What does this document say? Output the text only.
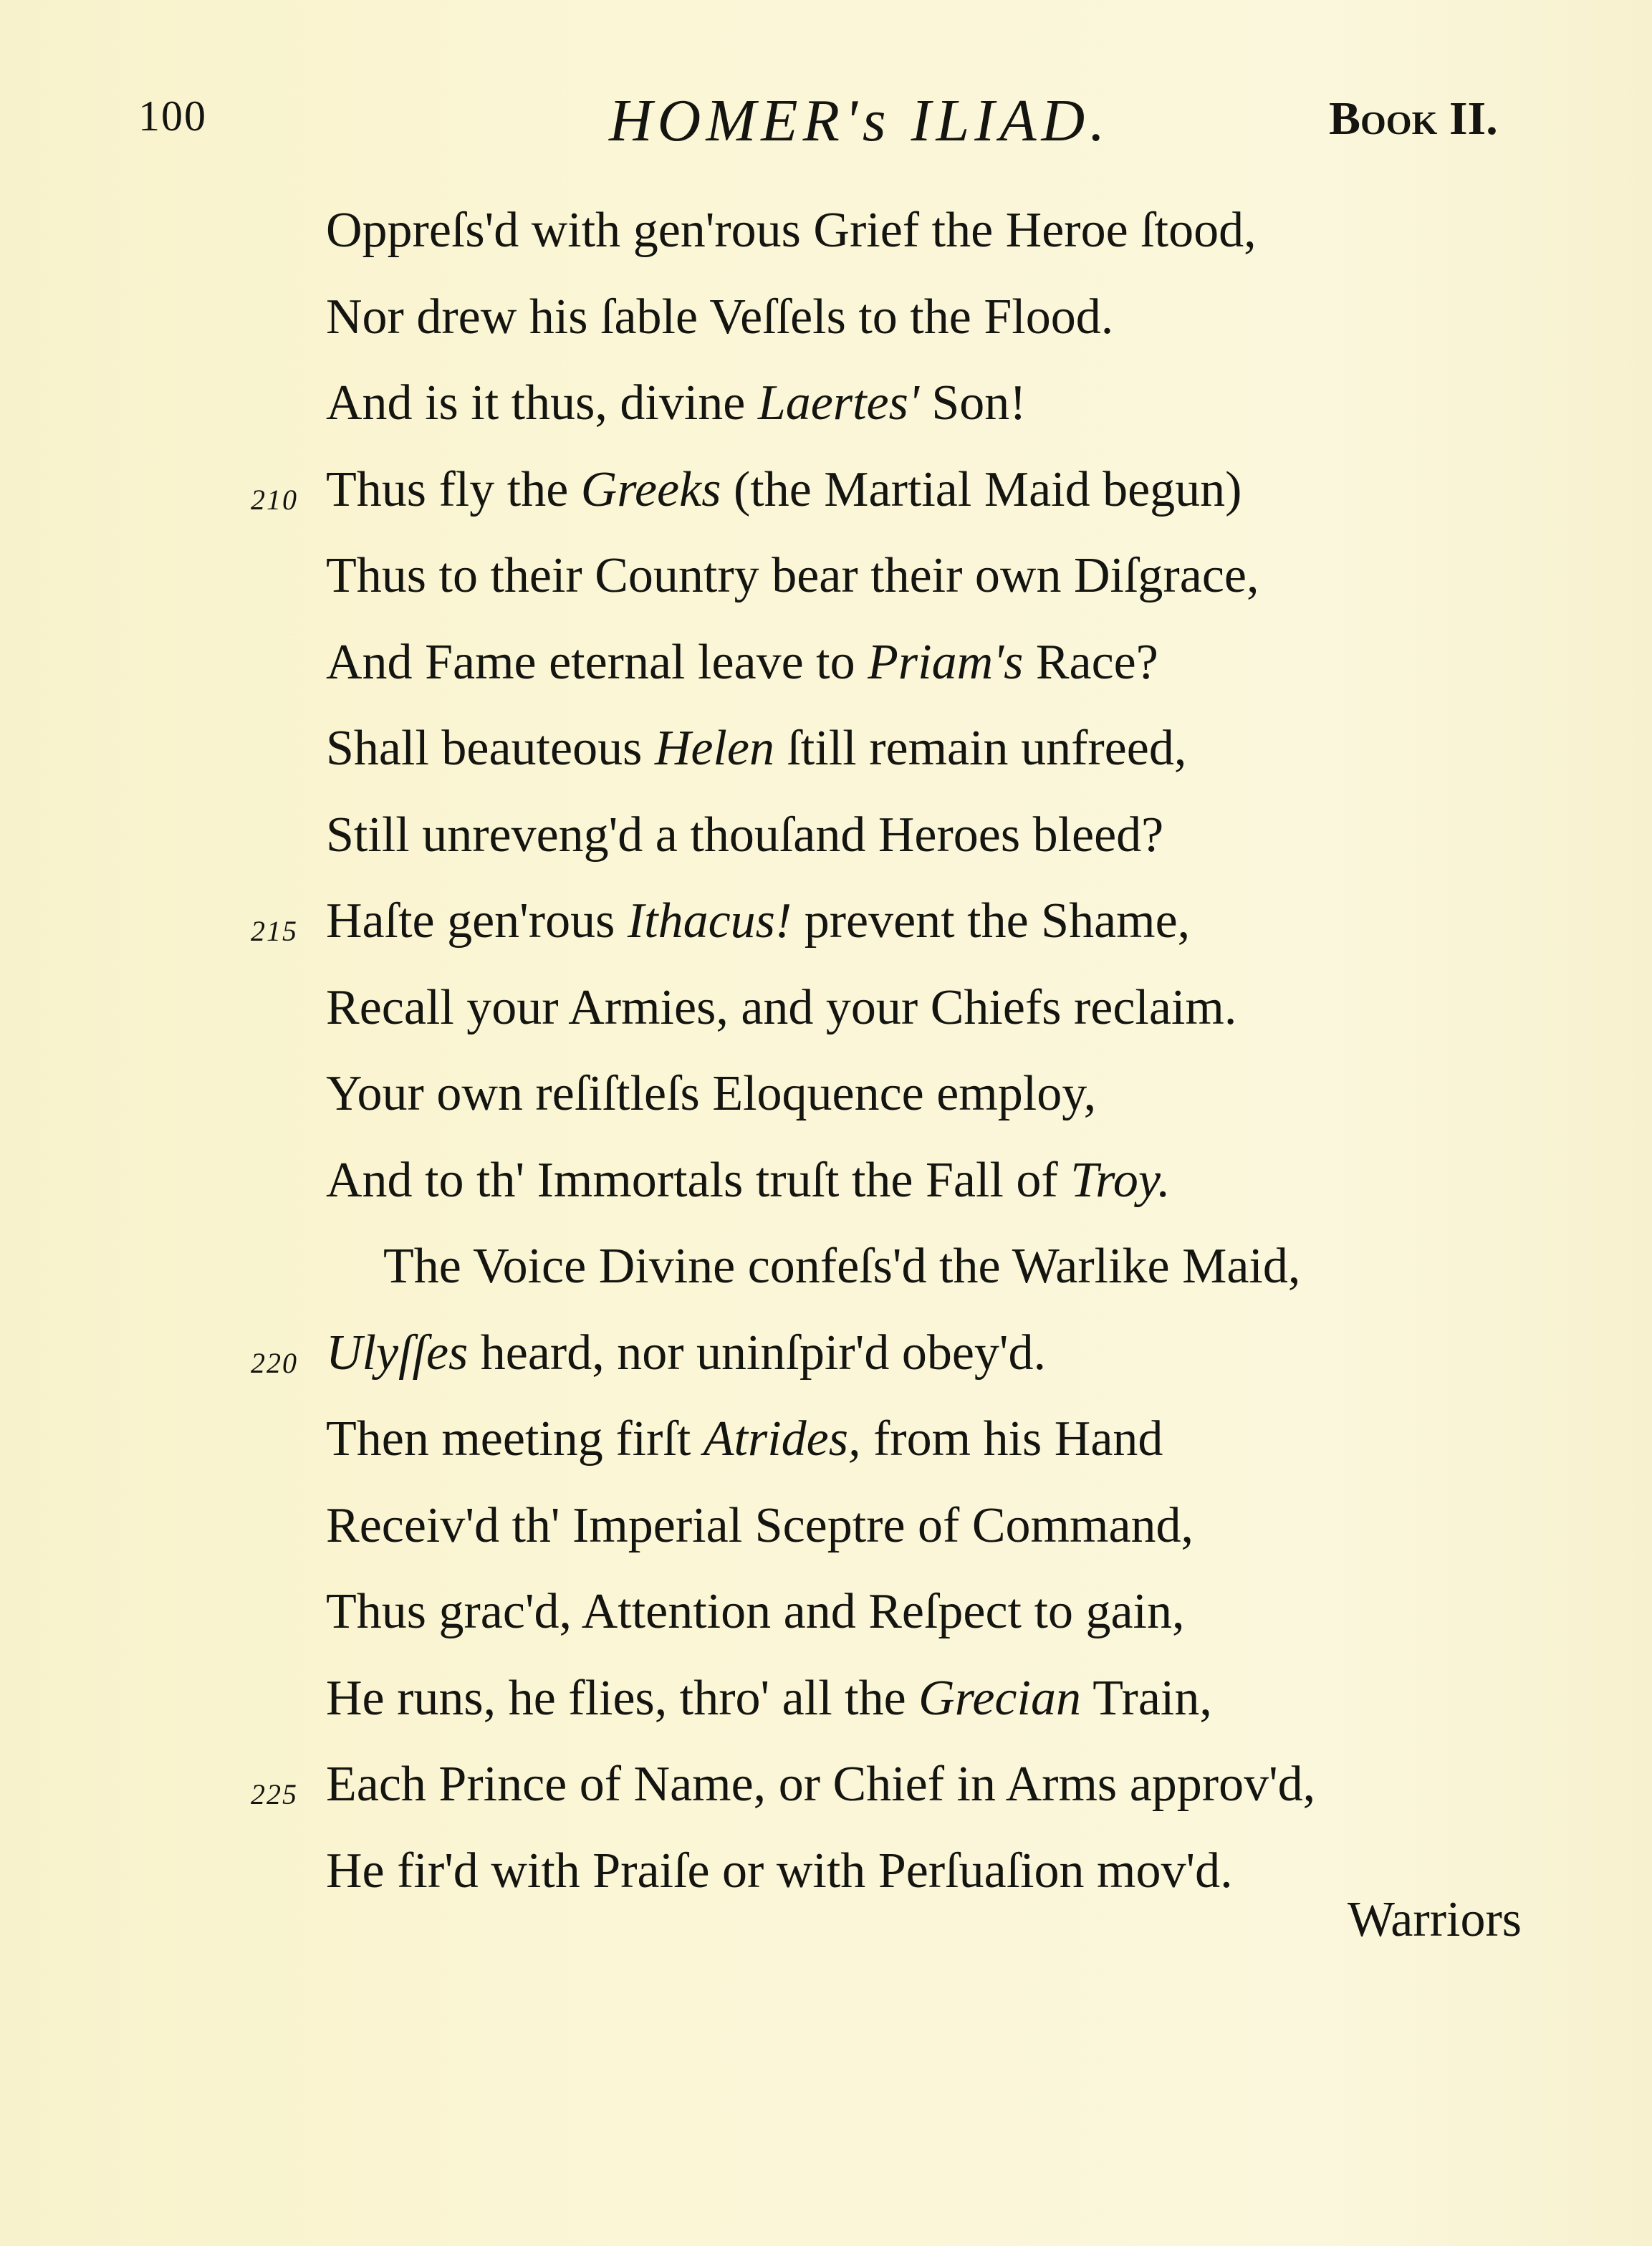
100	HOMER's ILIAD.	Book II.
Oppreſs'd with gen'rous Grief the Heroe ſtood,
Nor drew his ſable Veſſels to the Flood.
And is it thus, divine Laertes' Son!
210 Thus fly the Greeks (the Martial Maid begun)
Thus to their Country bear their own Diſgrace,
And Fame eternal leave to Priam's Race?
Shall beauteous Helen ſtill remain unfreed,
Still unreveng'd a thouſand Heroes bleed?
215 Haſte gen'rous Ithacus! prevent the Shame,
Recall your Armies, and your Chiefs reclaim.
Your own reſiſtleſs Eloquence employ,
And to th' Immortals truſt the Fall of Troy.
The Voice Divine confeſs'd the Warlike Maid,
220 Ulyſſes heard, nor uninſpir'd obey'd.
Then meeting firſt Atrides, from his Hand
Receiv'd th' Imperial Sceptre of Command,
Thus grac'd, Attention and Reſpect to gain,
He runs, he flies, thro' all the Grecian Train,
225 Each Prince of Name, or Chief in Arms approv'd,
He fir'd with Praiſe or with Perſuaſion mov'd.
Warriors
